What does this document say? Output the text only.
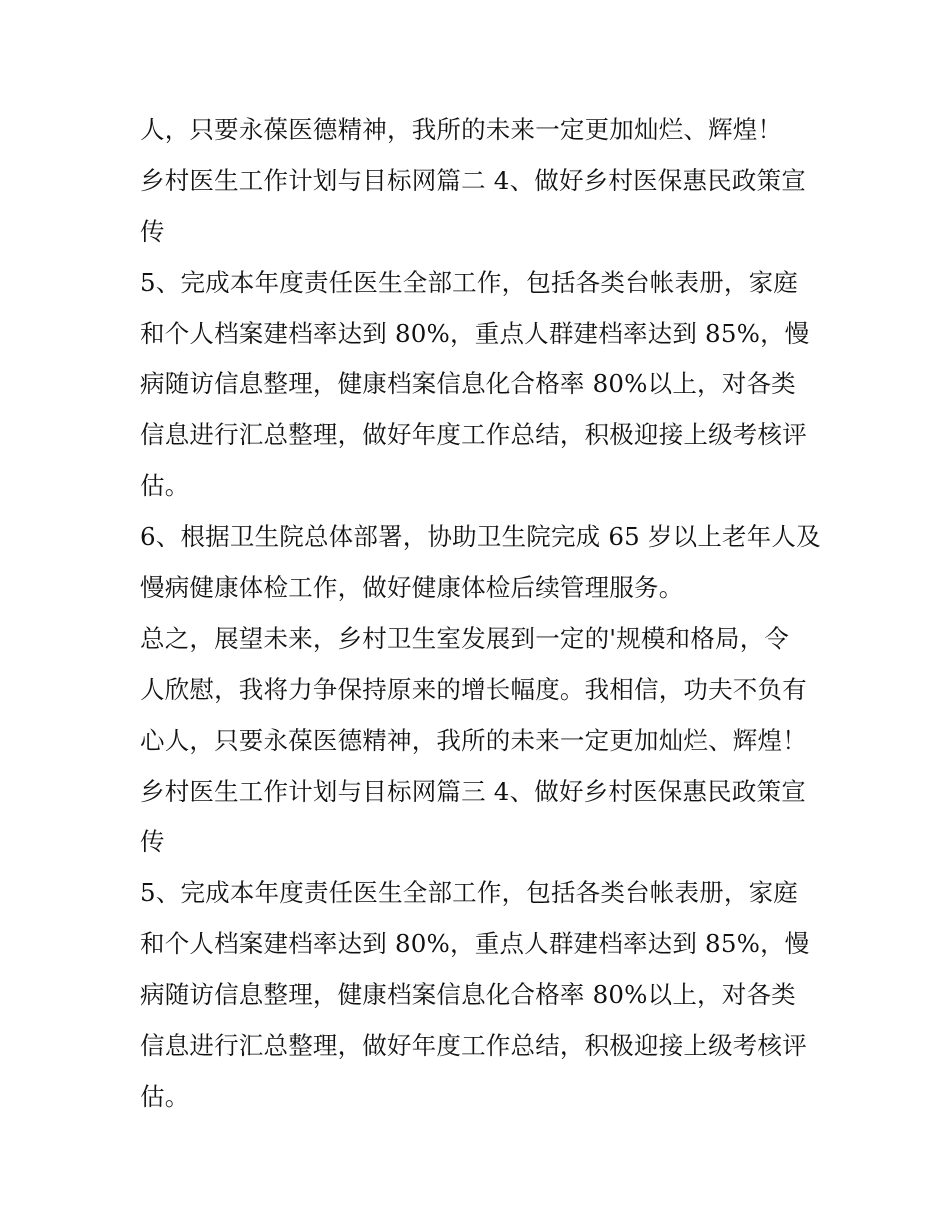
人，只要永葆医德精神，我所的未来一定更加灿烂、辉煌！
乡村医生工作计划与目标网篇二 4、做好乡村医保惠民政策宣
传
5、完成本年度责任医生全部工作，包括各类台帐表册，家庭
和个人档案建档率达到 80%，重点人群建档率达到 85%，慢
病随访信息整理，健康档案信息化合格率 80%以上，对各类
信息进行汇总整理，做好年度工作总结，积极迎接上级考核评
估。
6、根据卫生院总体部署，协助卫生院完成 65 岁以上老年人及
慢病健康体检工作，做好健康体检后续管理服务。
总之，展望未来，乡村卫生室发展到一定的'规模和格局，令
人欣慰，我将力争保持原来的增长幅度。我相信，功夫不负有
心人，只要永葆医德精神，我所的未来一定更加灿烂、辉煌！
乡村医生工作计划与目标网篇三 4、做好乡村医保惠民政策宣
传
5、完成本年度责任医生全部工作，包括各类台帐表册，家庭
和个人档案建档率达到 80%，重点人群建档率达到 85%，慢
病随访信息整理，健康档案信息化合格率 80%以上，对各类
信息进行汇总整理，做好年度工作总结，积极迎接上级考核评
估。
